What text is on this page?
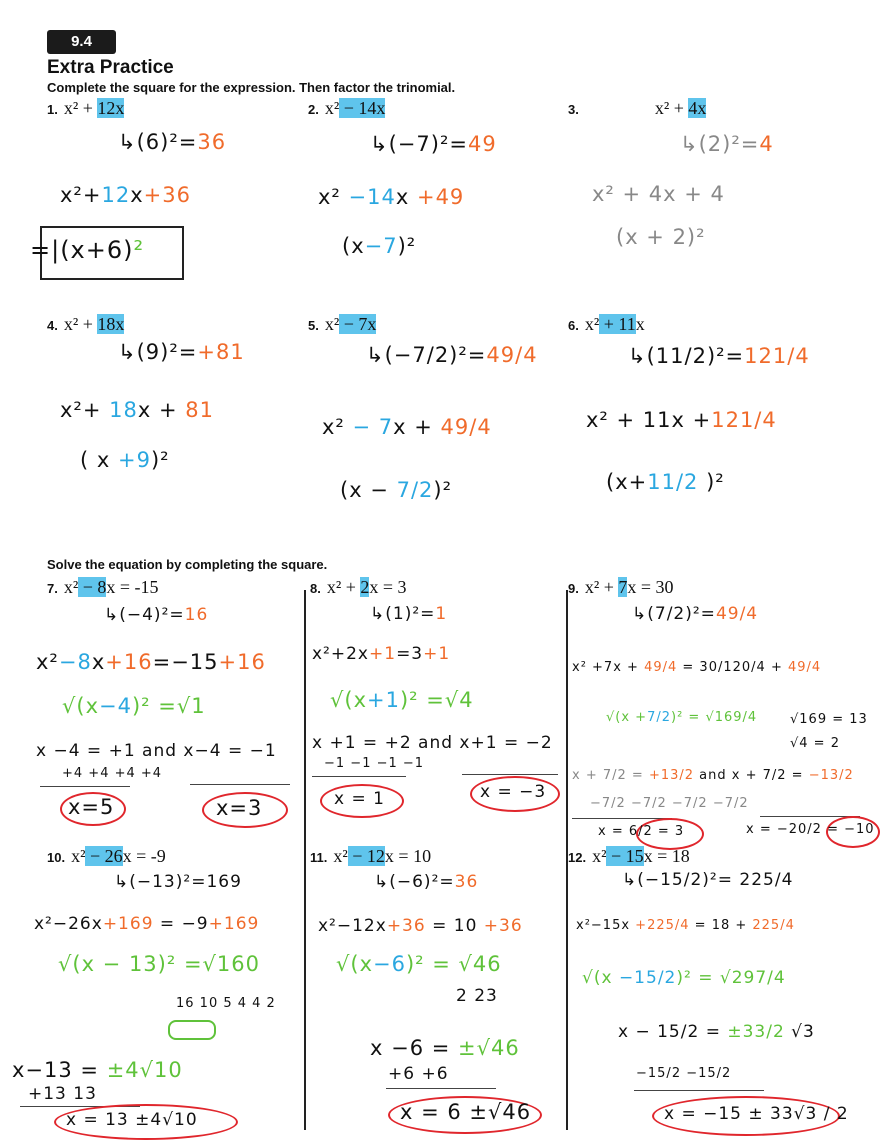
9.4
Extra Practice
Complete the square for the expression. Then factor the trinomial.
Solve the equation by completing the square.
1. x² + 12x
↳(6)²=36
x²+12x+36
=|(x+6)²
2. x² − 14x
↳(−7)²=49
x² −14x +49
(x−7)²
3.	x² + 4x
↳(2)²=4
x² + 4x + 4
(x + 2)²
4. x² + 18x
↳(9)²=+81
x²+ 18x + 81
( x +9)²
5. x² − 7x
↳(−7/2)²=49/4
x² − 7x + 49/4
(x − 7/2)²
6. x² + 11x
↳(11/2)²=121/4
x² + 11x +121/4
(x+11/2 )²
7. x² − 8x = -15
↳(−4)²=16
x²−8x+16=−15+16
√(x−4)² =√1
x −4 = +1 and x−4 = −1
+4 +4 +4 +4
x=5	x=3
8. x² + 2x = 3
↳(1)²=1
x²+2x+1=3+1
√(x+1)² =√4
x +1 = +2 and x+1 = −2
−1 −1 −1 −1
x = 1	x = −3
9. x² + 7x = 30
↳(7/2)²=49/4
x² +7x + 49/4 = 30/120/4 + 49/4
√(x +7/2)² = √169/4	√169 = 13
√4 = 2
x + 7/2 = +13/2 and x + 7/2 = −13/2
−7/2 −7/2 −7/2 −7/2
x = 6/2 = 3	x = −20/2 = −10
10. x² − 26x = -9
↳(−13)²=169
x²−26x+169 = −9+169
√(x − 13)² =√160
16 10 5 4 4 2
x−13 = ±4√10
+13 13
x = 13 ±4√10
11. x² − 12x = 10
↳(−6)²=36
x²−12x+36 = 10 +36
√(x−6)² = √46
2 23
x −6 = ±√46
+6 +6
x = 6 ±√46
12. x² − 15x = 18
↳(−15/2)²= 225/4
x²−15x +225/4 = 18 + 225/4
√(x −15/2)² = √297/4
x − 15/2 = ±33/2 √3
−15/2 −15/2
x = −15 ± 33√3 / 2
